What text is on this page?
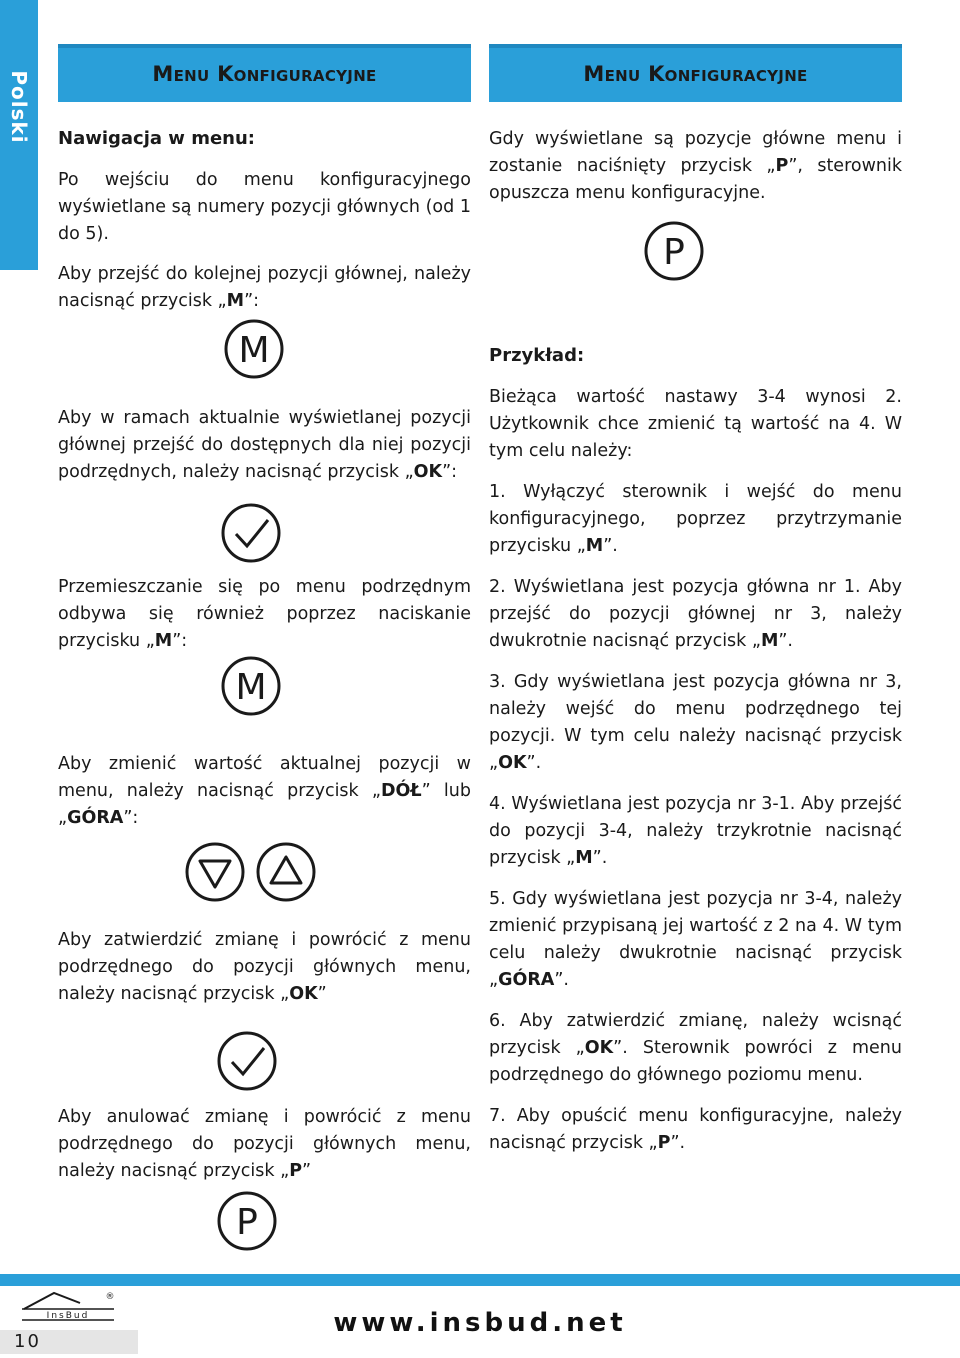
Polski	Menu Konfiguracyjne
Nawigacja w menu:

Po wejściu do menu konfiguracyjnego wyświetlane są numery pozycji głównych (od 1 do 5).

Aby przejść do kolejnej pozycji głównej, należy nacisnąć przycisk „M”:

M

Aby w ramach aktualnie wyświetlanej pozycji głównej przejść do dostępnych dla niej pozycji podrzędnych, należy nacisnąć przycisk „OK”:

Przemieszczanie się po menu podrzędnym odbywa się również poprzez naciskanie przycisku „M”:

M

Aby zmienić wartość aktualnej pozycji w menu, należy nacisnąć przycisk „DÓŁ” lub „GÓRA”:

Aby zatwierdzić zmianę i powrócić z menu podrzędnego do pozycji głównych menu, należy nacisnąć przycisk „OK”

Aby anulować zmianę i powrócić z menu podrzędnego do pozycji głównych menu, należy nacisnąć przycisk „P”

P
Menu Konfiguracyjne

Gdy wyświetlane są pozycje główne menu i zostanie naciśnięty przycisk „P”, sterownik opuszcza menu konfiguracyjne.

P
Przykład:

Bieżąca wartość nastawy 3-4 wynosi 2. Użytkownik chce zmienić tą wartość na 4. W tym celu należy:

1. Wyłączyć sterownik i wejść do menu konfiguracyjnego, poprzez przytrzymanie przycisku „M”.

2. Wyświetlana jest pozycja główna nr 1. Aby przejść do pozycji głównej nr 3, należy dwukrotnie nacisnąć przycisk „M”.

3. Gdy wyświetlana jest pozycja główna nr 3, należy wejść do menu podrzędnego tej pozycji. W tym celu należy nacisnąć przycisk „OK”.

4. Wyświetlana jest pozycja nr 3-1. Aby przejść do pozycji 3-4, należy trzykrotnie nacisnąć przycisk „M”.

5. Gdy wyświetlana jest pozycja nr 3-4, należy zmienić przypisaną jej wartość z 2 na 4. W tym celu należy dwukrotnie nacisnąć przycisk „GÓRA”.

6. Aby zatwierdzić zmianę, należy wcisnąć przycisk „OK”. Sterownik powróci z menu podrzędnego do głównego poziomu menu.

7. Aby opuścić menu konfiguracyjne, należy nacisnąć przycisk „P”.

InsBud
®
10
www.insbud.net
